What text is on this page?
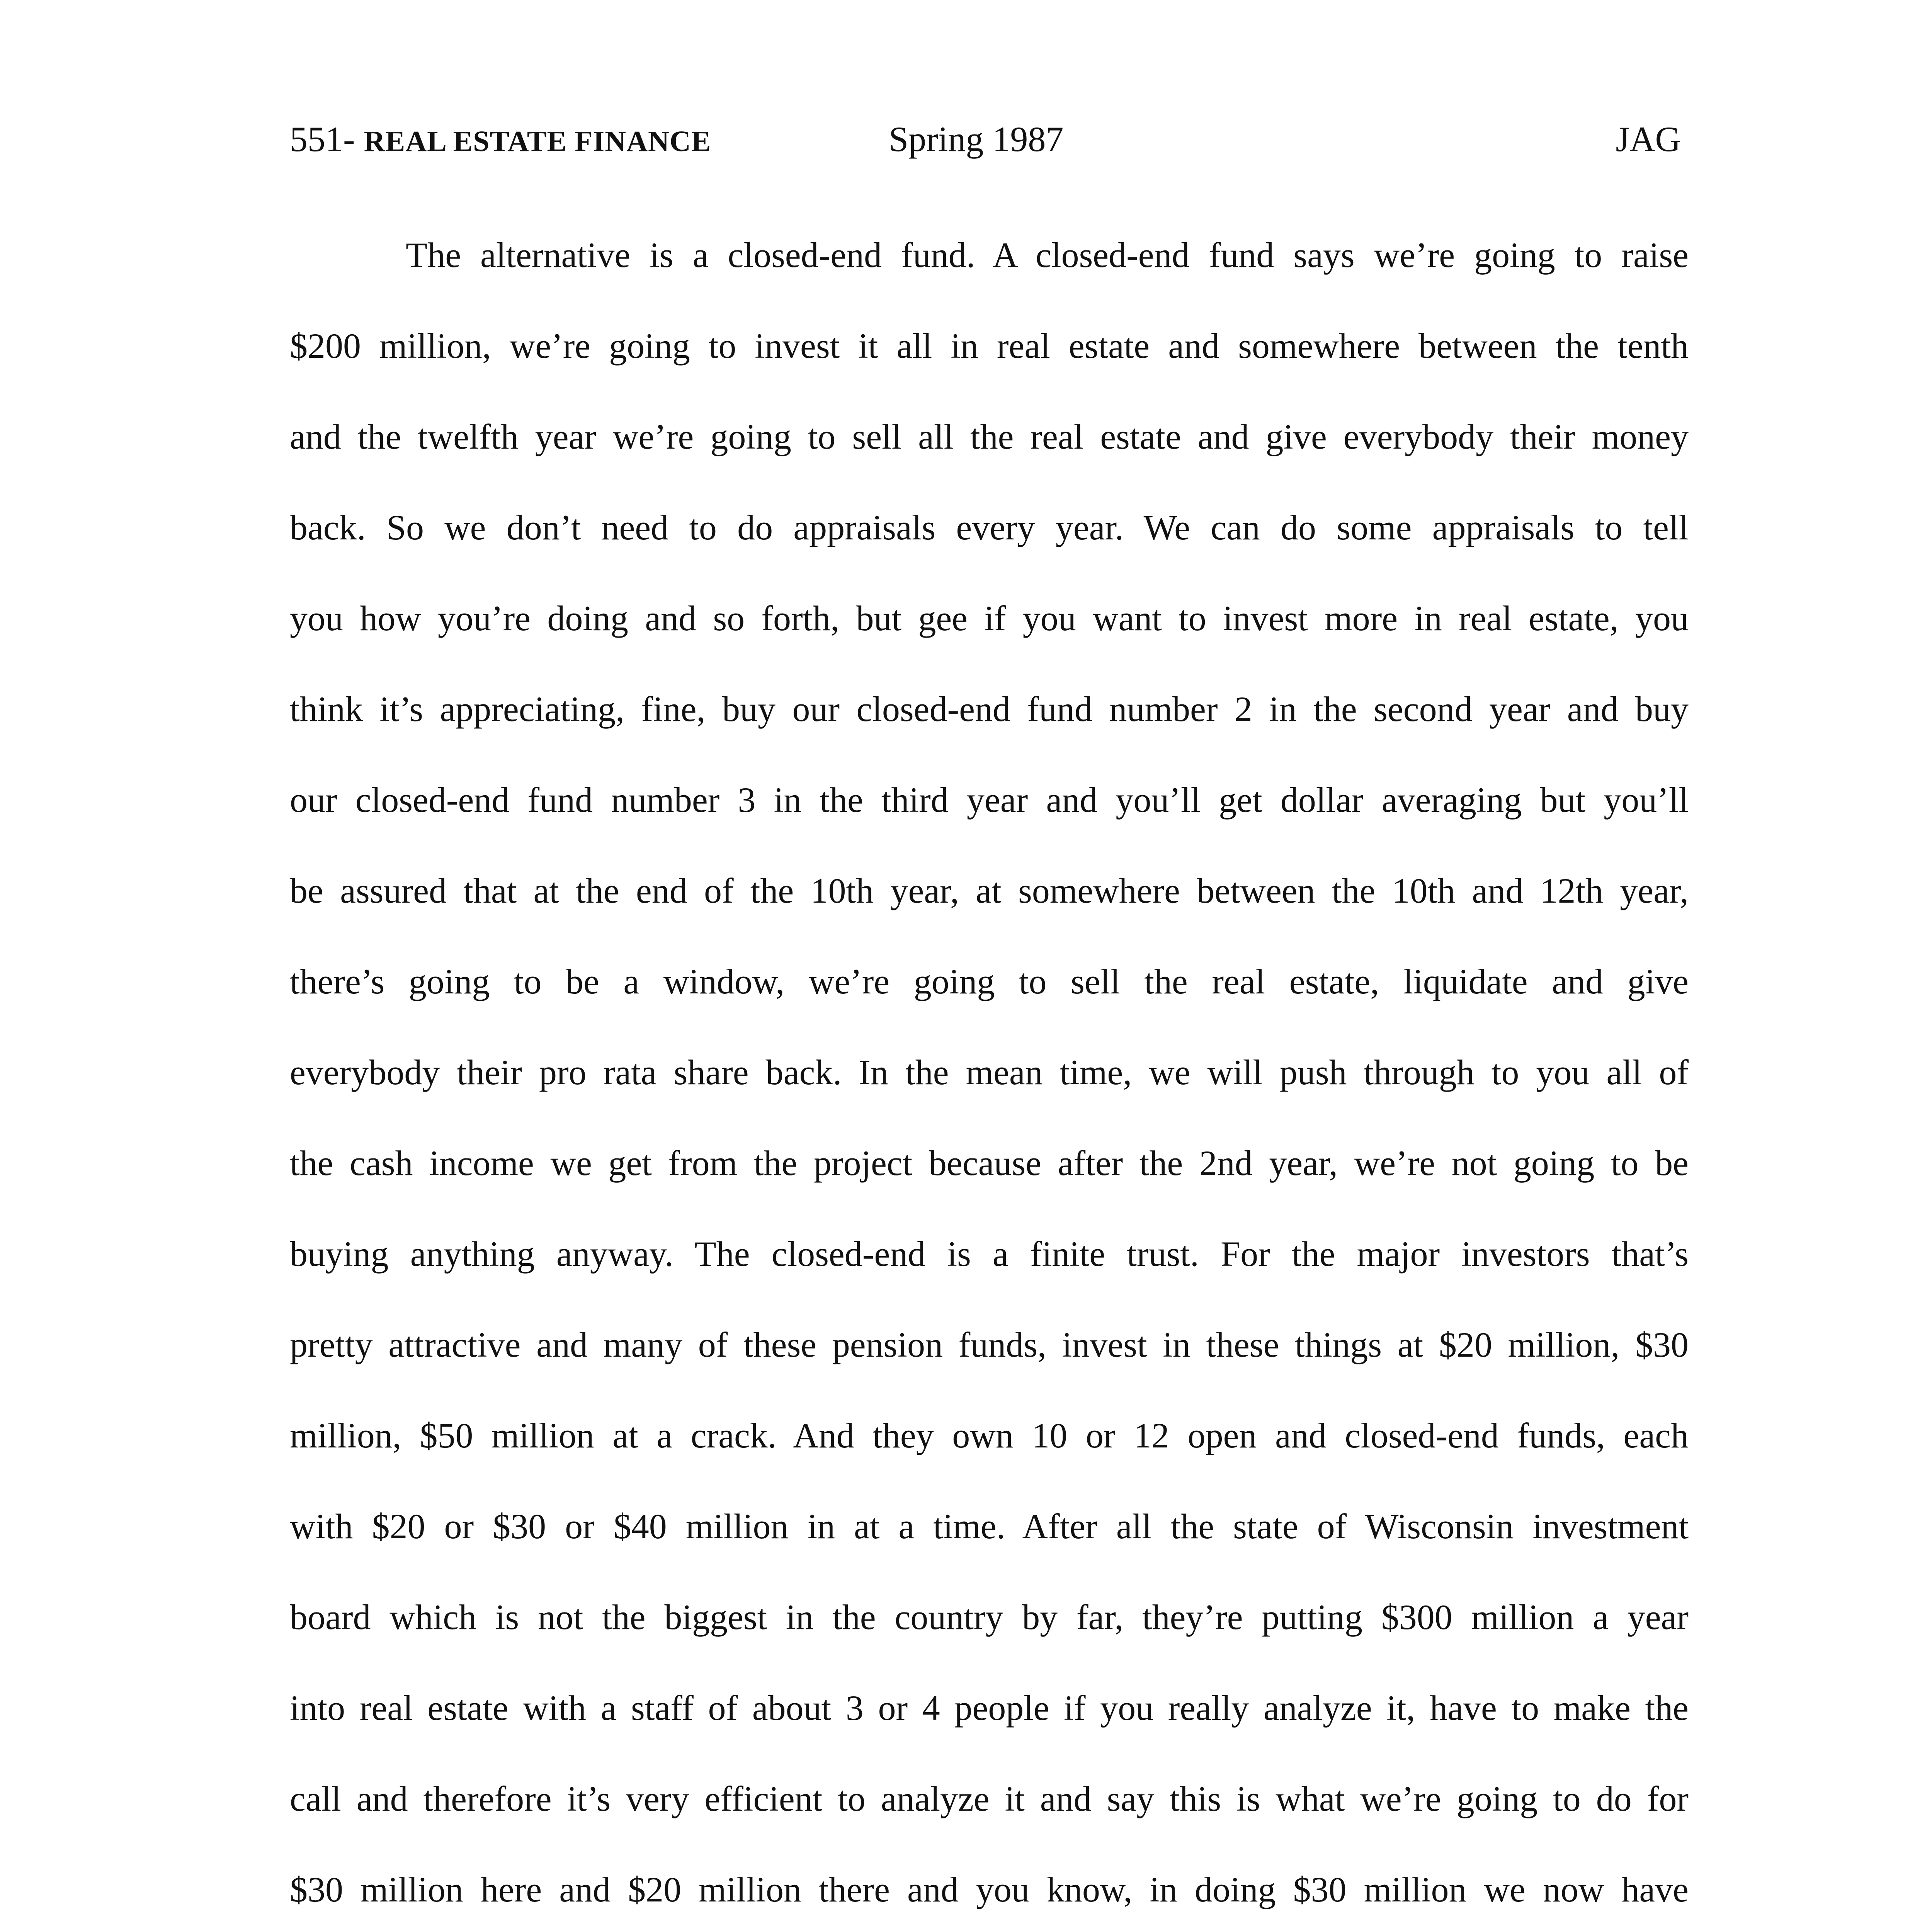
551- REAL ESTATE FINANCE	Spring 1987	JAG
The alternative is a closed-end fund. A closed-end fund says we’re going to raise
$200 million, we’re going to invest it all in real estate and somewhere between the tenth
and the twelfth year we’re going to sell all the real estate and give everybody their money
back. So we don’t need to do appraisals every year. We can do some appraisals to tell
you how you’re doing and so forth, but gee if you want to invest more in real estate, you
think it’s appreciating, fine, buy our closed-end fund number 2 in the second year and buy
our closed-end fund number 3 in the third year and you’ll get dollar averaging but you’ll
be assured that at the end of the 10th year, at somewhere between the 10th and 12th year,
there’s going to be a window, we’re going to sell the real estate, liquidate and give
everybody their pro rata share back. In the mean time, we will push through to you all of
the cash income we get from the project because after the 2nd year, we’re not going to be
buying anything anyway. The closed-end is a finite trust. For the major investors that’s
pretty attractive and many of these pension funds, invest in these things at $20 million, $30
million, $50 million at a crack. And they own 10 or 12 open and closed-end funds, each
with $20 or $30 or $40 million in at a time. After all the state of Wisconsin investment
board which is not the biggest in the country by far, they’re putting $300 million a year
into real estate with a staff of about 3 or 4 people if you really analyze it, have to make the
call and therefore it’s very efficient to analyze it and say this is what we’re going to do for
$30 million here and $20 million there and you know, in doing $30 million we now have
